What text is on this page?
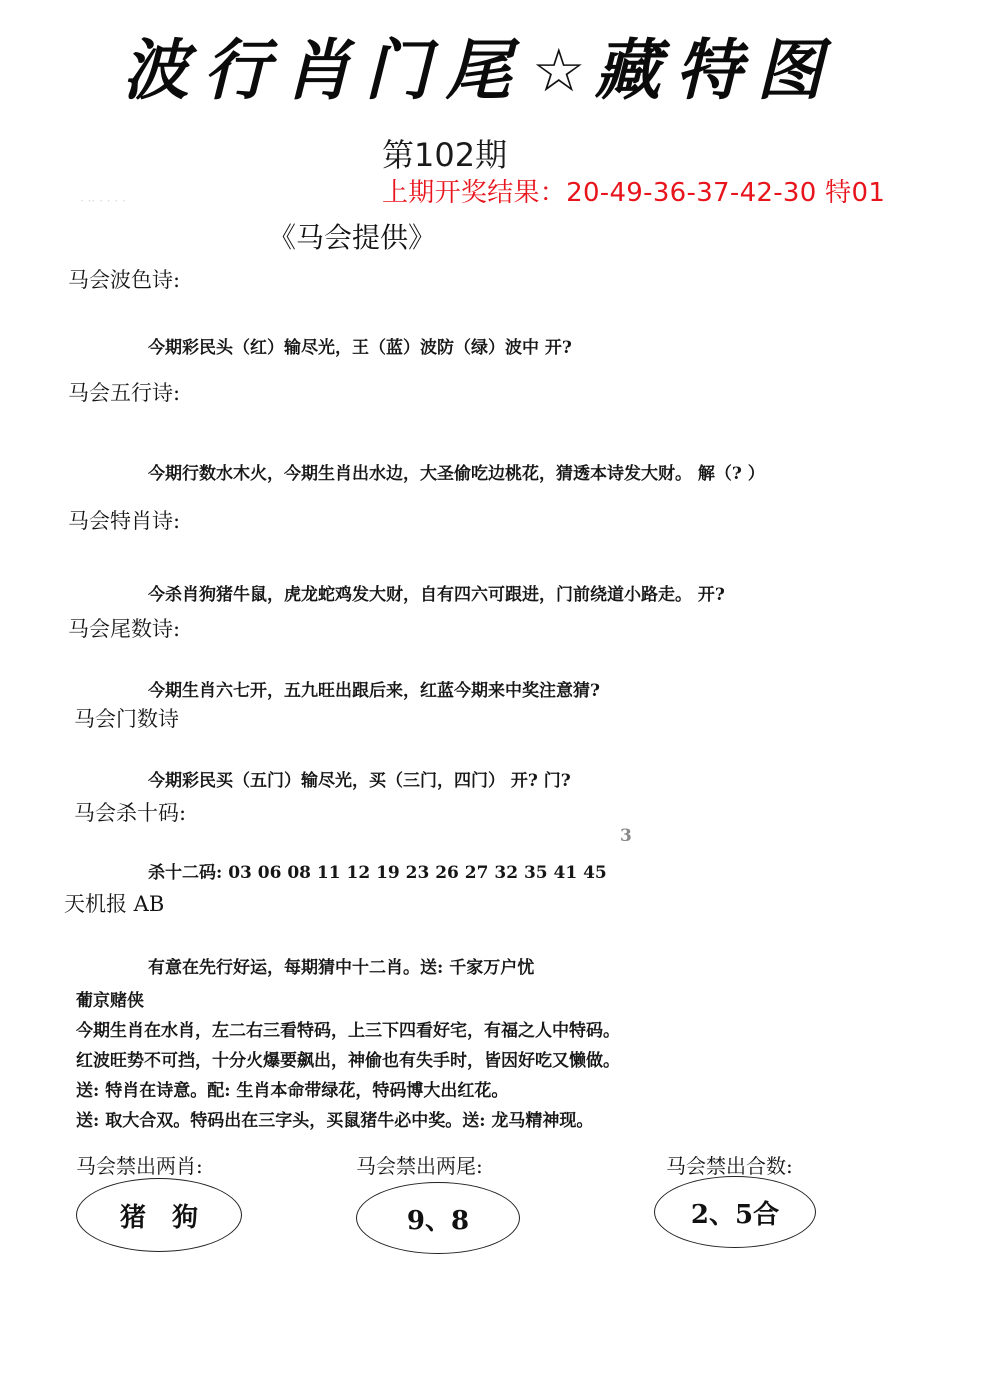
波
行
肖
门
尾 ☆ 藏
特
图
第102期
上期开奖结果：20-49-36-37-42-30 特01
· ·· · · · ·
《马会提供》
马会波色诗:
今期彩民头（红）输尽光，王（蓝）波防（绿）波中 开?
马会五行诗:
今期行数水木火，今期生肖出水边，大圣偷吃边桃花，猜透本诗发大财。 解（? ）
马会特肖诗:
今杀肖狗猪牛鼠，虎龙蛇鸡发大财，自有四六可跟进，门前绕道小路走。 开?
马会尾数诗:
今期生肖六七开，五九旺出跟后来，红蓝今期来中奖注意猜?
马会门数诗
今期彩民买（五门）输尽光，买（三门，四门） 开? 门?
马会杀十码:
3
杀十二码: 03 06 08 11 12 19 23 26 27 32 35 41 45
天机报 AB
有意在先行好运，每期猜中十二肖。送: 千家万户忧
葡京赌侠
今期生肖在水肖，左二右三看特码，上三下四看好宅，有福之人中特码。
红波旺势不可挡，十分火爆要飙出，神偷也有失手时，皆因好吃又懒做。
送: 特肖在诗意。配: 生肖本命带绿花，特码博大出红花。
送: 取大合双。特码出在三字头，买鼠猪牛必中奖。送: 龙马精神现。
马会禁出两肖:
猪　狗
马会禁出两尾:
9、8
马会禁出合数:
2、5合
